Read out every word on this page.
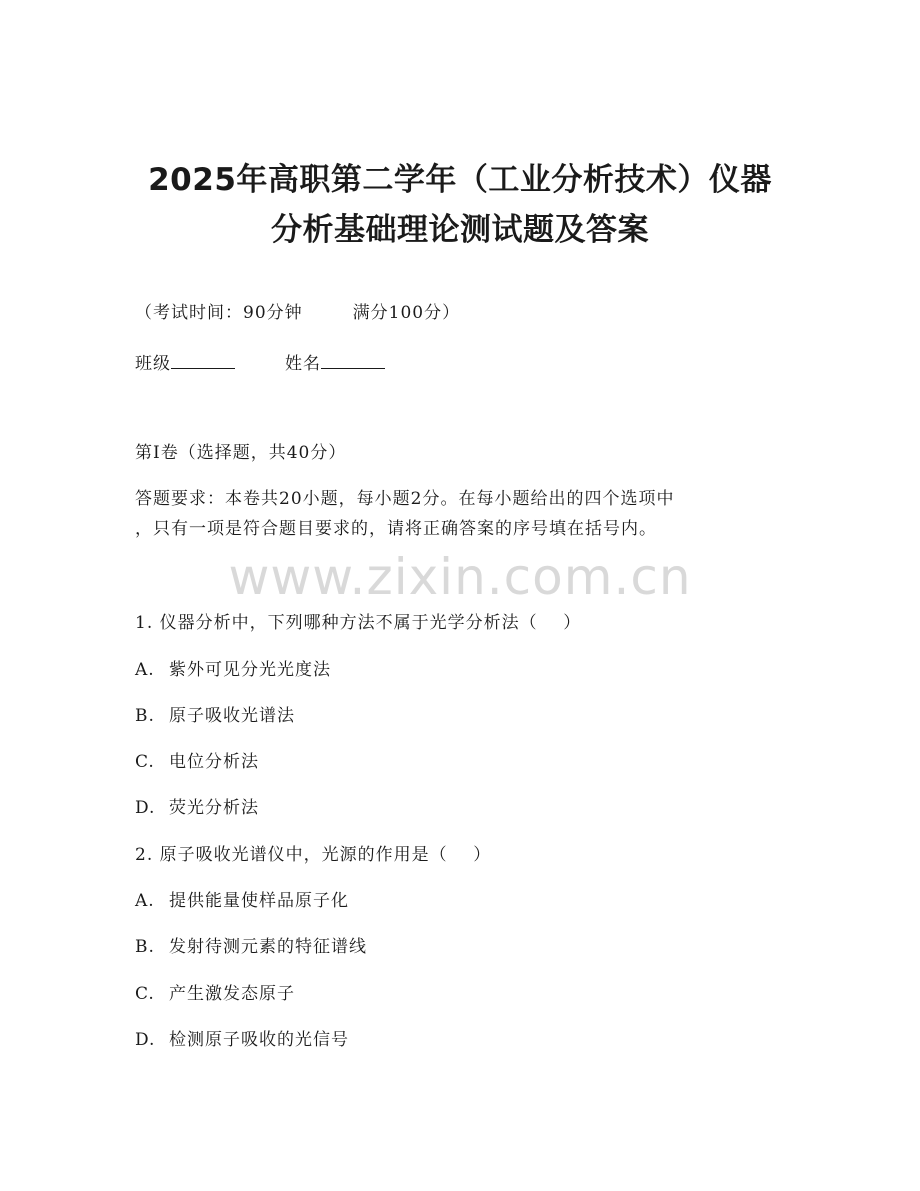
2025年高职第二学年（工业分析技术）仪器
分析基础理论测试题及答案
（考试时间：90分钟	满分100分）
班级	姓名
第I卷（选择题，共40分）
答题要求：本卷共20小题，每小题2分。在每小题给出的四个选项中
，只有一项是符合题目要求的，请将正确答案的序号填在括号内。
www.zixin.com.cn
1. 仪器分析中，下列哪种方法不属于光学分析法（    ）
A. 紫外可见分光光度法
B. 原子吸收光谱法
C. 电位分析法
D. 荧光分析法
2. 原子吸收光谱仪中，光源的作用是（    ）
A. 提供能量使样品原子化
B. 发射待测元素的特征谱线
C. 产生激发态原子
D. 检测原子吸收的光信号
